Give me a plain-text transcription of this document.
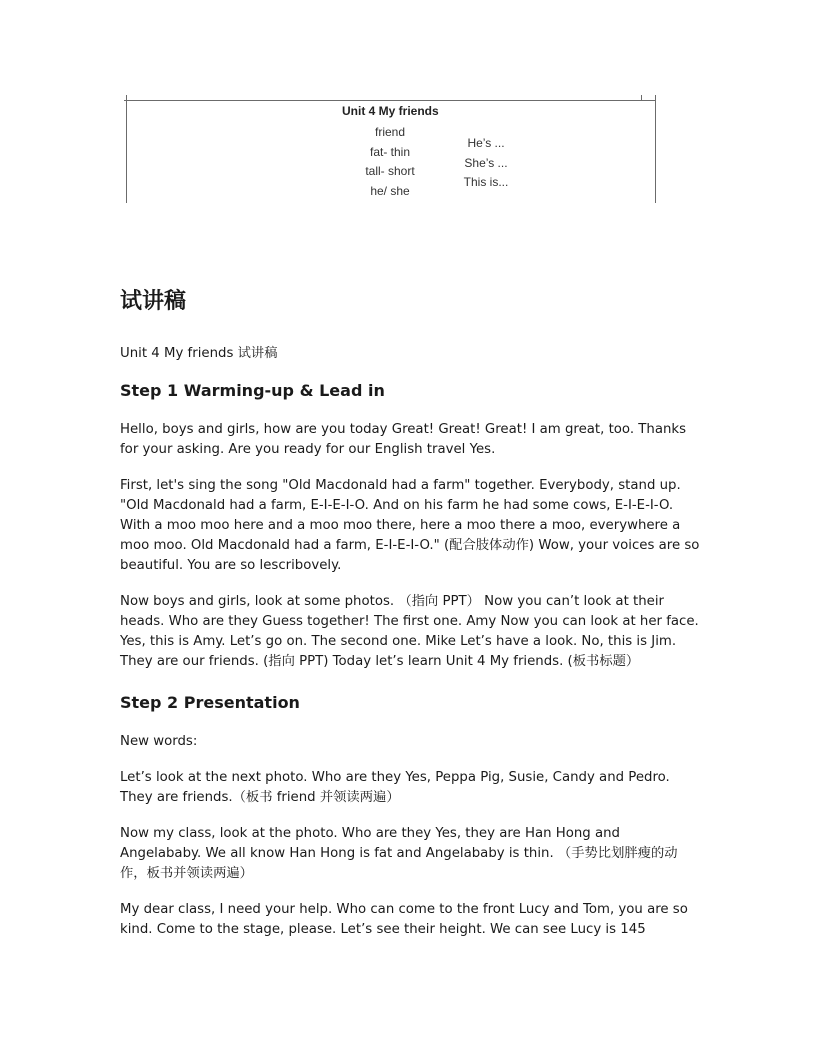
Unit 4 My friends
friend
fat- thin
tall- short
he/ she
He’s ...
She’s ...
This is...
试讲稿

Unit 4 My friends 试讲稿

Step 1 Warming-up & Lead in

Hello, boys and girls, how are you today Great! Great! Great! I am great, too. Thanks for your asking. Are you ready for our English travel Yes.

First, let's sing the song "Old Macdonald had a farm" together. Everybody, stand up. "Old Macdonald had a farm, E-I-E-I-O. And on his farm he had some cows, E-I-E-I-O. With a moo moo here and a moo moo there, here a moo there a moo, everywhere a moo moo. Old Macdonald had a farm, E-I-E-I-O." (配合肢体动作) Wow, your voices are so beautiful. You are so lescribovely.

Now boys and girls, look at some photos. （指向 PPT） Now you can’t look at their heads. Who are they Guess together! The first one. Amy Now you can look at her face. Yes, this is Amy. Let’s go on. The second one. Mike Let’s have a look. No, this is Jim. They are our friends. (指向 PPT) Today let’s learn Unit 4 My friends. (板书标题）

Step 2 Presentation

New words:

Let’s look at the next photo. Who are they Yes, Peppa Pig, Susie, Candy and Pedro. They are friends.（板书 friend 并领读两遍）

Now my class, look at the photo. Who are they Yes, they are Han Hong and Angelababy. We all know Han Hong is fat and Angelababy is thin. （手势比划胖瘦的动作，板书并领读两遍）

My dear class, I need your help. Who can come to the front Lucy and Tom, you are so kind. Come to the stage, please. Let’s see their height. We can see Lucy is 145
